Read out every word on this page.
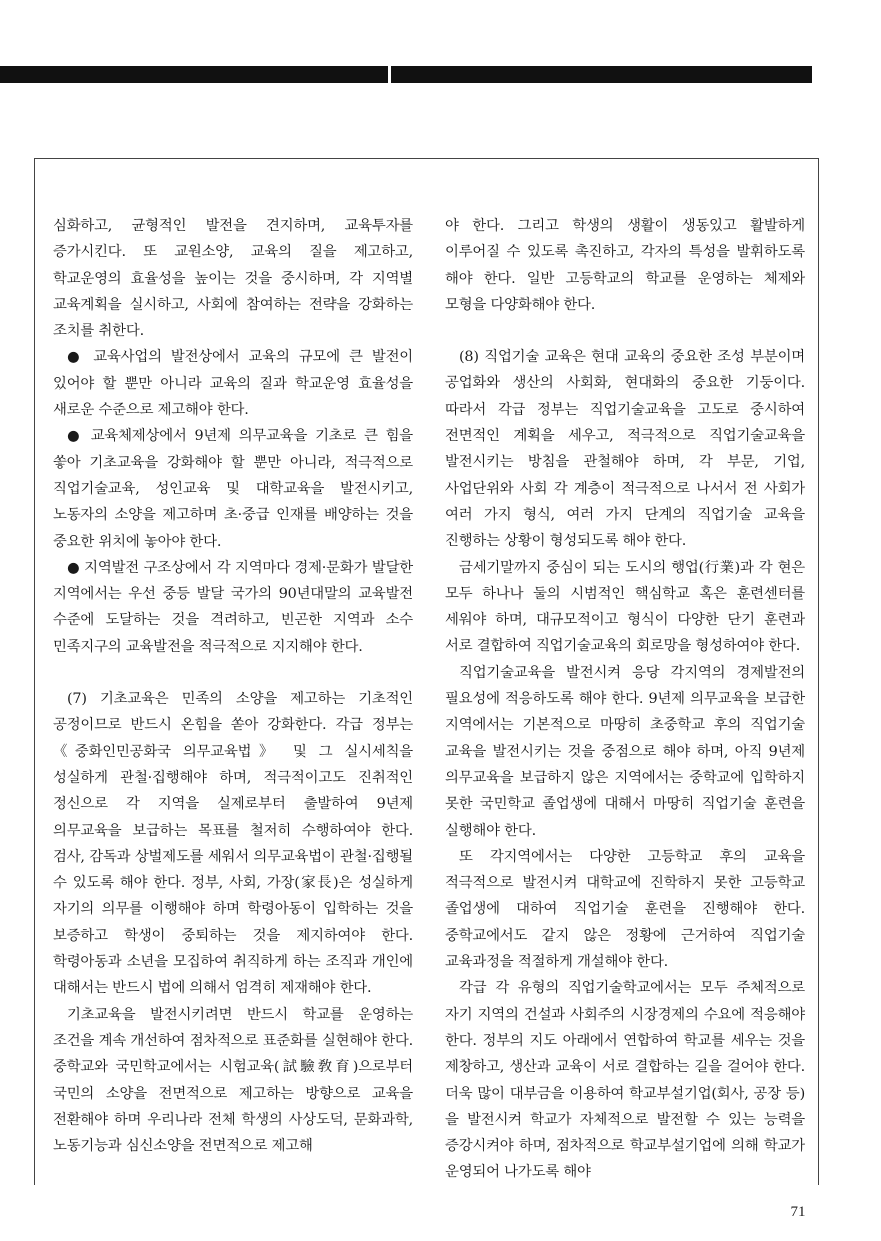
심화하고, 균형적인 발전을 견지하며, 교육투자를 증가시킨다. 또 교원소양, 교육의 질을 제고하고, 학교운영의 효율성을 높이는 것을 중시하며, 각 지역별 교육계획을 실시하고, 사회에 참여하는 전략을 강화하는 조치를 취한다.

● 교육사업의 발전상에서 교육의 규모에 큰 발전이 있어야 할 뿐만 아니라 교육의 질과 학교운영 효율성을 새로운 수준으로 제고해야 한다.

● 교육체제상에서 9년제 의무교육을 기초로 큰 힘을 쏳아 기초교육을 강화해야 할 뿐만 아니라, 적극적으로 직업기술교육, 성인교육 및 대학교육을 발전시키고, 노동자의 소양을 제고하며 초·중급 인재를 배양하는 것을 중요한 위치에 놓아야 한다.

● 지역발전 구조상에서 각 지역마다 경제·문화가 발달한 지역에서는 우선 중등 발달 국가의 90년대말의 교육발전 수준에 도달하는 것을 격려하고, 빈곤한 지역과 소수 민족지구의 교육발전을 적극적으로 지지해야 한다.

(7) 기초교육은 민족의 소양을 제고하는 기초적인 공정이므로 반드시 온힘을 쏟아 강화한다. 각급 정부는 《중화인민공화국 의무교육법》 및 그 실시세칙을 성실하게 관철·집행해야 하며, 적극적이고도 진취적인 정신으로 각 지역을 실제로부터 출발하여 9년제 의무교육을 보급하는 목표를 철저히 수행하여야 한다. 검사, 감독과 상벌제도를 세워서 의무교육법이 관철·집행될 수 있도록 해야 한다. 정부, 사회, 가장(家長)은 성실하게 자기의 의무를 이행해야 하며 학령아동이 입학하는 것을 보증하고 학생이 중퇴하는 것을 제지하여야 한다. 학령아동과 소년을 모집하여 취직하게 하는 조직과 개인에 대해서는 반드시 법에 의해서 엄격히 제재해야 한다.

기초교육을 발전시키려면 반드시 학교를 운영하는 조건을 계속 개선하여 점차적으로 표준화를 실현해야 한다. 중학교와 국민학교에서는 시험교육(試驗敎育)으로부터 국민의 소양을 전면적으로 제고하는 방향으로 교육을 전환해야 하며 우리나라 전체 학생의 사상도덕, 문화과학, 노동기능과 심신소양을 전면적으로 제고해

야 한다. 그리고 학생의 생활이 생동있고 활발하게 이루어질 수 있도록 촉진하고, 각자의 특성을 발휘하도록 해야 한다. 일반 고등학교의 학교를 운영하는 체제와 모형을 다양화해야 한다.

(8) 직업기술 교육은 현대 교육의 중요한 조성 부분이며 공업화와 생산의 사회화, 현대화의 중요한 기둥이다. 따라서 각급 정부는 직업기술교육을 고도로 중시하여 전면적인 계획을 세우고, 적극적으로 직업기술교육을 발전시키는 방침을 관철해야 하며, 각 부문, 기업, 사업단위와 사회 각 계층이 적극적으로 나서서 전 사회가 여러 가지 형식, 여러 가지 단계의 직업기술 교육을 진행하는 상황이 형성되도록 해야 한다.

금세기말까지 중심이 되는 도시의 행업(行業)과 각 현은 모두 하나나 둘의 시범적인 핵심학교 혹은 훈련센터를 세워야 하며, 대규모적이고 형식이 다양한 단기 훈련과 서로 결합하여 직업기술교육의 회로망을 형성하여야 한다.

직업기술교육을 발전시켜 응당 각지역의 경제발전의 필요성에 적응하도록 해야 한다. 9년제 의무교육을 보급한 지역에서는 기본적으로 마땅히 초중학교 후의 직업기술 교육을 발전시키는 것을 중점으로 해야 하며, 아직 9년제 의무교육을 보급하지 않은 지역에서는 중학교에 입학하지 못한 국민학교 졸업생에 대해서 마땅히 직업기술 훈련을 실행해야 한다.

또 각지역에서는 다양한 고등학교 후의 교육을 적극적으로 발전시켜 대학교에 진학하지 못한 고등학교 졸업생에 대하여 직업기술 훈련을 진행해야 한다. 중학교에서도 같지 않은 정황에 근거하여 직업기술 교육과정을 적절하게 개설해야 한다.

각급 각 유형의 직업기술학교에서는 모두 주체적으로 자기 지역의 건설과 사회주의 시장경제의 수요에 적응해야 한다. 정부의 지도 아래에서 연합하여 학교를 세우는 것을 제창하고, 생산과 교육이 서로 결합하는 길을 걸어야 한다. 더욱 많이 대부금을 이용하여 학교부설기업(회사, 공장 등)을 발전시켜 학교가 자체적으로 발전할 수 있는 능력을 증강시켜야 하며, 점차적으로 학교부설기업에 의해 학교가 운영되어 나가도록 해야

71
